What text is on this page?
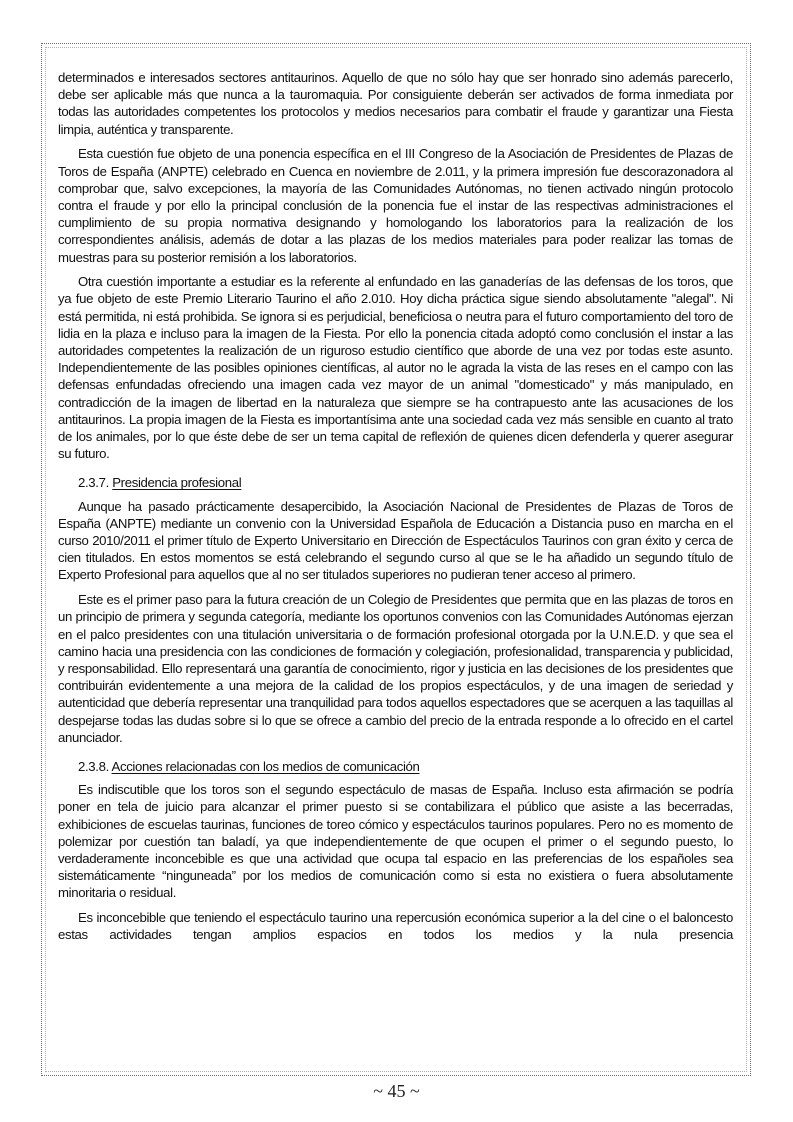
determinados e interesados sectores antitaurinos. Aquello de que no sólo hay que ser honrado sino además parecerlo, debe ser aplicable más que nunca a la tauromaquia. Por consiguiente deberán ser activados de forma inmediata por todas las autoridades competentes los protocolos y medios necesarios para combatir el fraude y garantizar una Fiesta limpia, auténtica y transparente.

Esta cuestión fue objeto de una ponencia específica en el III Congreso de la Asociación de Presidentes de Plazas de Toros de España (ANPTE) celebrado en Cuenca en noviembre de 2.011, y la primera impresión fue descorazonadora al comprobar que, salvo excepciones, la mayoría de las Comunidades Autónomas, no tienen activado ningún protocolo contra el fraude y por ello la principal conclusión de la ponencia fue el instar de las respectivas administraciones el cumplimiento de su propia normativa designando y homologando los laboratorios para la realización de los correspondientes análisis, además de dotar a las plazas de los medios materiales para poder realizar las tomas de muestras para su posterior remisión a los laboratorios.

Otra cuestión importante a estudiar es la referente al enfundado en las ganaderías de las defensas de los toros, que ya fue objeto de este Premio Literario Taurino el año 2.010. Hoy dicha práctica sigue siendo absolutamente "alegal". Ni está permitida, ni está prohibida. Se ignora si es perjudicial, beneficiosa o neutra para el futuro comportamiento del toro de lidia en la plaza e incluso para la imagen de la Fiesta. Por ello la ponencia citada adoptó como conclusión el instar a las autoridades competentes la realización de un riguroso estudio científico que aborde de una vez por todas este asunto. Independientemente de las posibles opiniones científicas, al autor no le agrada la vista de las reses en el campo con las defensas enfundadas ofreciendo una imagen cada vez mayor de un animal "domesticado" y más manipulado, en contradicción de la imagen de libertad en la naturaleza que siempre se ha contrapuesto ante las acusaciones de los antitaurinos. La propia imagen de la Fiesta es importantísima ante una sociedad cada vez más sensible en cuanto al trato de los animales, por lo que éste debe de ser un tema capital de reflexión de quienes dicen defenderla y querer asegurar su futuro.

2.3.7. Presidencia profesional

Aunque ha pasado prácticamente desapercibido, la Asociación Nacional de Presidentes de Plazas de Toros de España (ANPTE) mediante un convenio con la Universidad Española de Educación a Distancia puso en marcha en el curso 2010/2011 el primer título de Experto Universitario en Dirección de Espectáculos Taurinos con gran éxito y cerca de cien titulados. En estos momentos se está celebrando el segundo curso al que se le ha añadido un segundo título de Experto Profesional para aquellos que al no ser titulados superiores no pudieran tener acceso al primero.

Este es el primer paso para la futura creación de un Colegio de Presidentes que permita que en las plazas de toros en un principio de primera y segunda categoría, mediante los oportunos convenios con las Comunidades Autónomas ejerzan en el palco presidentes con una titulación universitaria o de formación profesional otorgada por la U.N.E.D. y que sea el camino hacia una presidencia con las condiciones de formación y colegiación, profesionalidad, transparencia y publicidad, y responsabilidad. Ello representará una garantía de conocimiento, rigor y justicia en las decisiones de los presidentes que contribuirán evidentemente a una mejora de la calidad de los propios espectáculos, y de una imagen de seriedad y autenticidad que debería representar una tranquilidad para todos aquellos espectadores que se acerquen a las taquillas al despejarse todas las dudas sobre si lo que se ofrece a cambio del precio de la entrada responde a lo ofrecido en el cartel anunciador.

2.3.8. Acciones relacionadas con los medios de comunicación

Es indiscutible que los toros son el segundo espectáculo de masas de España. Incluso esta afirmación se podría poner en tela de juicio para alcanzar el primer puesto si se contabilizara el público que asiste a las becerradas, exhibiciones de escuelas taurinas, funciones de toreo cómico y espectáculos taurinos populares. Pero no es momento de polemizar por cuestión tan baladí, ya que independientemente de que ocupen el primer o el segundo puesto, lo verdaderamente inconcebible es que una actividad que ocupa tal espacio en las preferencias de los españoles sea sistemáticamente “ninguneada” por los medios de comunicación como si esta no existiera o fuera absolutamente minoritaria o residual.

Es inconcebible que teniendo el espectáculo taurino una repercusión económica superior a la del cine o el baloncesto estas actividades tengan amplios espacios en todos los medios y la nula presencia

~ 45 ~
